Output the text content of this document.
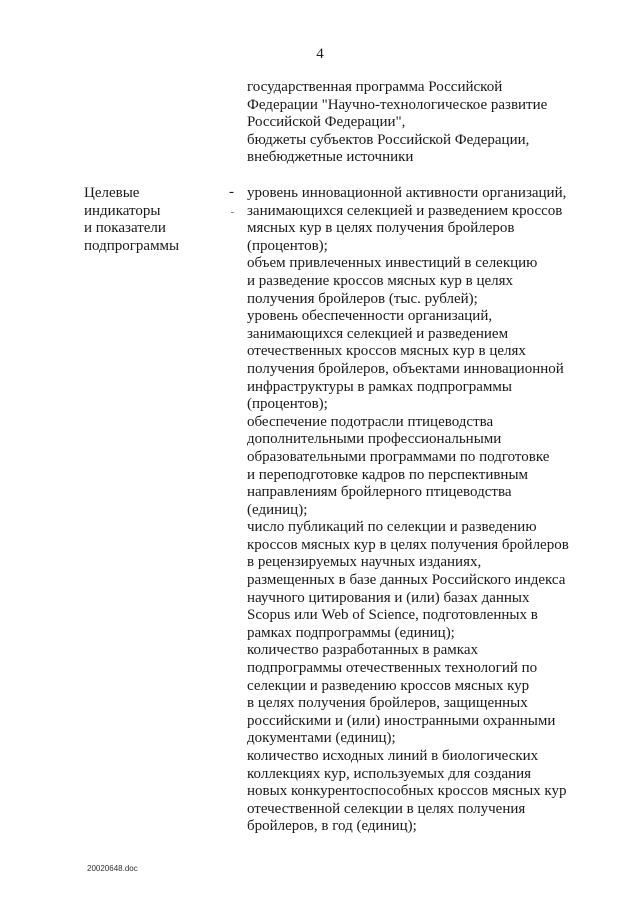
4
государственная программа Российской
Федерации "Научно-технологическое развитие
Российской Федерации",
бюджеты субъектов Российской Федерации,
внебюджетные источники
Целевые
индикаторы
и показатели
подпрограммы
- уровень инновационной активности организаций,
занимающихся селекцией и разведением кроссов
мясных кур в целях получения бройлеров
(процентов);
объем привлеченных инвестиций в селекцию
и разведение кроссов мясных кур в целях
получения бройлеров (тыс. рублей);
уровень обеспеченности организаций,
занимающихся селекцией и разведением
отечественных кроссов мясных кур в целях
получения бройлеров, объектами инновационной
инфраструктуры в рамках подпрограммы
(процентов);
обеспечение подотрасли птицеводства
дополнительными профессиональными
образовательными программами по подготовке
и переподготовке кадров по перспективным
направлениям бройлерного птицеводства
(единиц);
число публикаций по селекции и разведению
кроссов мясных кур в целях получения бройлеров
в рецензируемых научных изданиях,
размещенных в базе данных Российского индекса
научного цитирования и (или) базах данных
Scopus или Web of Science, подготовленных в
рамках подпрограммы (единиц);
количество разработанных в рамках
подпрограммы отечественных технологий по
селекции и разведению кроссов мясных кур
в целях получения бройлеров, защищенных
российскими и (или) иностранными охранными
документами (единиц);
количество исходных линий в биологических
коллекциях кур, используемых для создания
новых конкурентоспособных кроссов мясных кур
отечественной селекции в целях получения
бройлеров, в год (единиц);
20020648.doc
